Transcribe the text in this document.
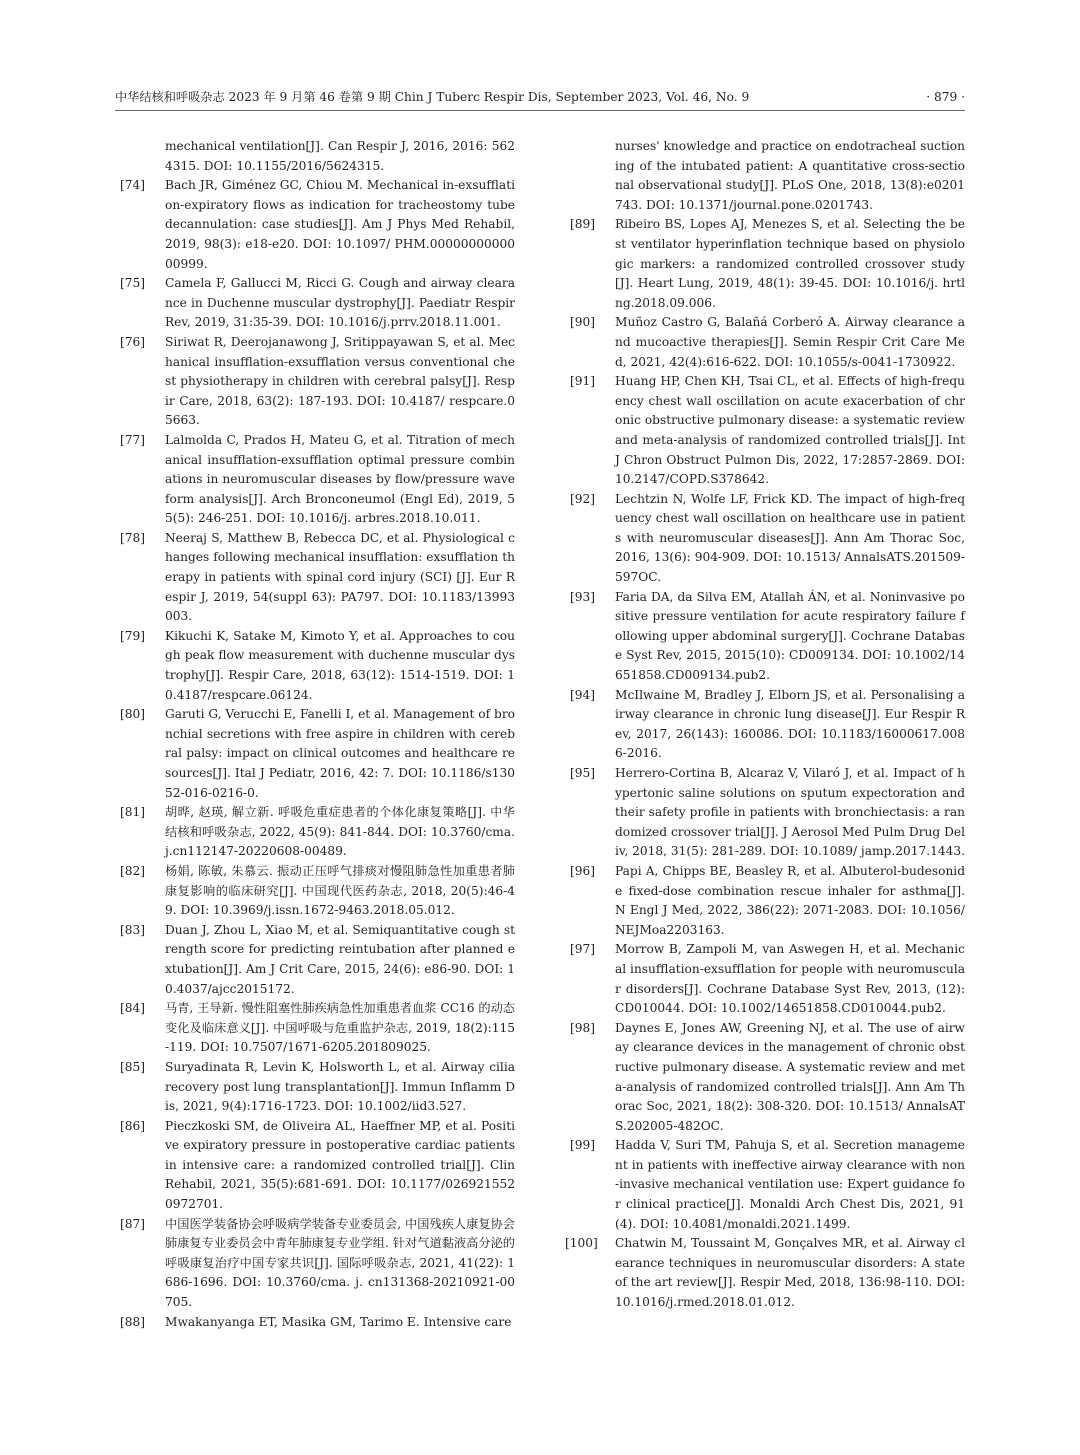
中华结核和呼吸杂志 2023 年 9 月第 46 卷第 9 期 Chin J Tuberc Respir Dis, September 2023, Vol. 46, No. 9	· 879 ·
mechanical ventilation[J]. Can Respir J, 2016, 2016: 5624315. DOI: 10.1155/2016/5624315.
[74]	Bach JR, Giménez GC, Chiou M. Mechanical in-exsufflation-expiratory flows as indication for tracheostomy tube decannulation: case studies[J]. Am J Phys Med Rehabil, 2019, 98(3): e18-e20. DOI: 10.1097/ PHM.0000000000000999.
[75]	Camela F, Gallucci M, Ricci G. Cough and airway clearance in Duchenne muscular dystrophy[J]. Paediatr Respir Rev, 2019, 31:35-39. DOI: 10.1016/j.prrv.2018.11.001.
[76]	Siriwat R, Deerojanawong J, Sritippayawan S, et al. Mechanical insufflation-exsufflation versus conventional chest physiotherapy in children with cerebral palsy[J]. Respir Care, 2018, 63(2): 187-193. DOI: 10.4187/ respcare.05663.
[77]	Lalmolda C, Prados H, Mateu G, et al. Titration of mechanical insufflation-exsufflation optimal pressure combinations in neuromuscular diseases by flow/pressure waveform analysis[J]. Arch Bronconeumol (Engl Ed), 2019, 55(5): 246-251. DOI: 10.1016/j. arbres.2018.10.011.
[78]	Neeraj S, Matthew B, Rebecca DC, et al. Physiological changes following mechanical insufflation: exsufflation therapy in patients with spinal cord injury (SCI) [J]. Eur Respir J, 2019, 54(suppl 63): PA797. DOI: 10.1183/13993003.
[79]	Kikuchi K, Satake M, Kimoto Y, et al. Approaches to cough peak flow measurement with duchenne muscular dystrophy[J]. Respir Care, 2018, 63(12): 1514-1519. DOI: 10.4187/respcare.06124.
[80]	Garuti G, Verucchi E, Fanelli I, et al. Management of bronchial secretions with free aspire in children with cerebral palsy: impact on clinical outcomes and healthcare resources[J]. Ital J Pediatr, 2016, 42: 7. DOI: 10.1186/s13052-016-0216-0.
[81]	胡晔, 赵瑛, 解立新. 呼吸危重症患者的个体化康复策略[J]. 中华结核和呼吸杂志, 2022, 45(9): 841-844. DOI: 10.3760/cma.j.cn112147-20220608-00489.
[82]	杨娟, 陈敏, 朱慕云. 振动正压呼气排痰对慢阻肺急性加重患者肺康复影响的临床研究[J]. 中国现代医药杂志, 2018, 20(5):46-49. DOI: 10.3969/j.issn.1672-9463.2018.05.012.
[83]	Duan J, Zhou L, Xiao M, et al. Semiquantitative cough strength score for predicting reintubation after planned extubation[J]. Am J Crit Care, 2015, 24(6): e86-90. DOI: 10.4037/ajcc2015172.
[84]	马青, 王导新. 慢性阻塞性肺疾病急性加重患者血浆 CC16 的动态变化及临床意义[J]. 中国呼吸与危重监护杂志, 2019, 18(2):115-119. DOI: 10.7507/1671-6205.201809025.
[85]	Suryadinata R, Levin K, Holsworth L, et al. Airway cilia recovery post lung transplantation[J]. Immun Inflamm Dis, 2021, 9(4):1716-1723. DOI: 10.1002/iid3.527.
[86]	Pieczkoski SM, de Oliveira AL, Haeffner MP, et al. Positive expiratory pressure in postoperative cardiac patients in intensive care: a randomized controlled trial[J]. Clin Rehabil, 2021, 35(5):681-691. DOI: 10.1177/0269215520972701.
[87]	中国医学装备协会呼吸病学装备专业委员会, 中国残疾人康复协会肺康复专业委员会中青年肺康复专业学组. 针对气道黏液高分泌的呼吸康复治疗中国专家共识[J]. 国际呼吸杂志, 2021, 41(22): 1686-1696. DOI: 10.3760/cma. j. cn131368-20210921-00705.
[88]	Mwakanyanga ET, Masika GM, Tarimo E. Intensive care
nurses' knowledge and practice on endotracheal suctioning of the intubated patient: A quantitative cross-sectional observational study[J]. PLoS One, 2018, 13(8):e0201743. DOI: 10.1371/journal.pone.0201743.
[89]	Ribeiro BS, Lopes AJ, Menezes S, et al. Selecting the best ventilator hyperinflation technique based on physiologic markers: a randomized controlled crossover study[J]. Heart Lung, 2019, 48(1): 39-45. DOI: 10.1016/j. hrtlng.2018.09.006.
[90]	Muñoz Castro G, Balañá Corberó A. Airway clearance and mucoactive therapies[J]. Semin Respir Crit Care Med, 2021, 42(4):616-622. DOI: 10.1055/s-0041-1730922.
[91]	Huang HP, Chen KH, Tsai CL, et al. Effects of high-frequency chest wall oscillation on acute exacerbation of chronic obstructive pulmonary disease: a systematic review and meta-analysis of randomized controlled trials[J]. Int J Chron Obstruct Pulmon Dis, 2022, 17:2857-2869. DOI: 10.2147/COPD.S378642.
[92]	Lechtzin N, Wolfe LF, Frick KD. The impact of high-frequency chest wall oscillation on healthcare use in patients with neuromuscular diseases[J]. Ann Am Thorac Soc, 2016, 13(6): 904-909. DOI: 10.1513/ AnnalsATS.201509-597OC.
[93]	Faria DA, da Silva EM, Atallah ÁN, et al. Noninvasive positive pressure ventilation for acute respiratory failure following upper abdominal surgery[J]. Cochrane Database Syst Rev, 2015, 2015(10): CD009134. DOI: 10.1002/14651858.CD009134.pub2.
[94]	McIlwaine M, Bradley J, Elborn JS, et al. Personalising airway clearance in chronic lung disease[J]. Eur Respir Rev, 2017, 26(143): 160086. DOI: 10.1183/16000617.0086-2016.
[95]	Herrero-Cortina B, Alcaraz V, Vilaró J, et al. Impact of hypertonic saline solutions on sputum expectoration and their safety profile in patients with bronchiectasis: a randomized crossover trial[J]. J Aerosol Med Pulm Drug Deliv, 2018, 31(5): 281-289. DOI: 10.1089/ jamp.2017.1443.
[96]	Papi A, Chipps BE, Beasley R, et al. Albuterol-budesonide fixed-dose combination rescue inhaler for asthma[J]. N Engl J Med, 2022, 386(22): 2071-2083. DOI: 10.1056/ NEJMoa2203163.
[97]	Morrow B, Zampoli M, van Aswegen H, et al. Mechanical insufflation-exsufflation for people with neuromuscular disorders[J]. Cochrane Database Syst Rev, 2013, (12): CD010044. DOI: 10.1002/14651858.CD010044.pub2.
[98]	Daynes E, Jones AW, Greening NJ, et al. The use of airway clearance devices in the management of chronic obstructive pulmonary disease. A systematic review and meta-analysis of randomized controlled trials[J]. Ann Am Thorac Soc, 2021, 18(2): 308-320. DOI: 10.1513/ AnnalsATS.202005-482OC.
[99]	Hadda V, Suri TM, Pahuja S, et al. Secretion management in patients with ineffective airway clearance with non-invasive mechanical ventilation use: Expert guidance for clinical practice[J]. Monaldi Arch Chest Dis, 2021, 91(4). DOI: 10.4081/monaldi.2021.1499.
[100]	Chatwin M, Toussaint M, Gonçalves MR, et al. Airway clearance techniques in neuromuscular disorders: A state of the art review[J]. Respir Med, 2018, 136:98-110. DOI: 10.1016/j.rmed.2018.01.012.
